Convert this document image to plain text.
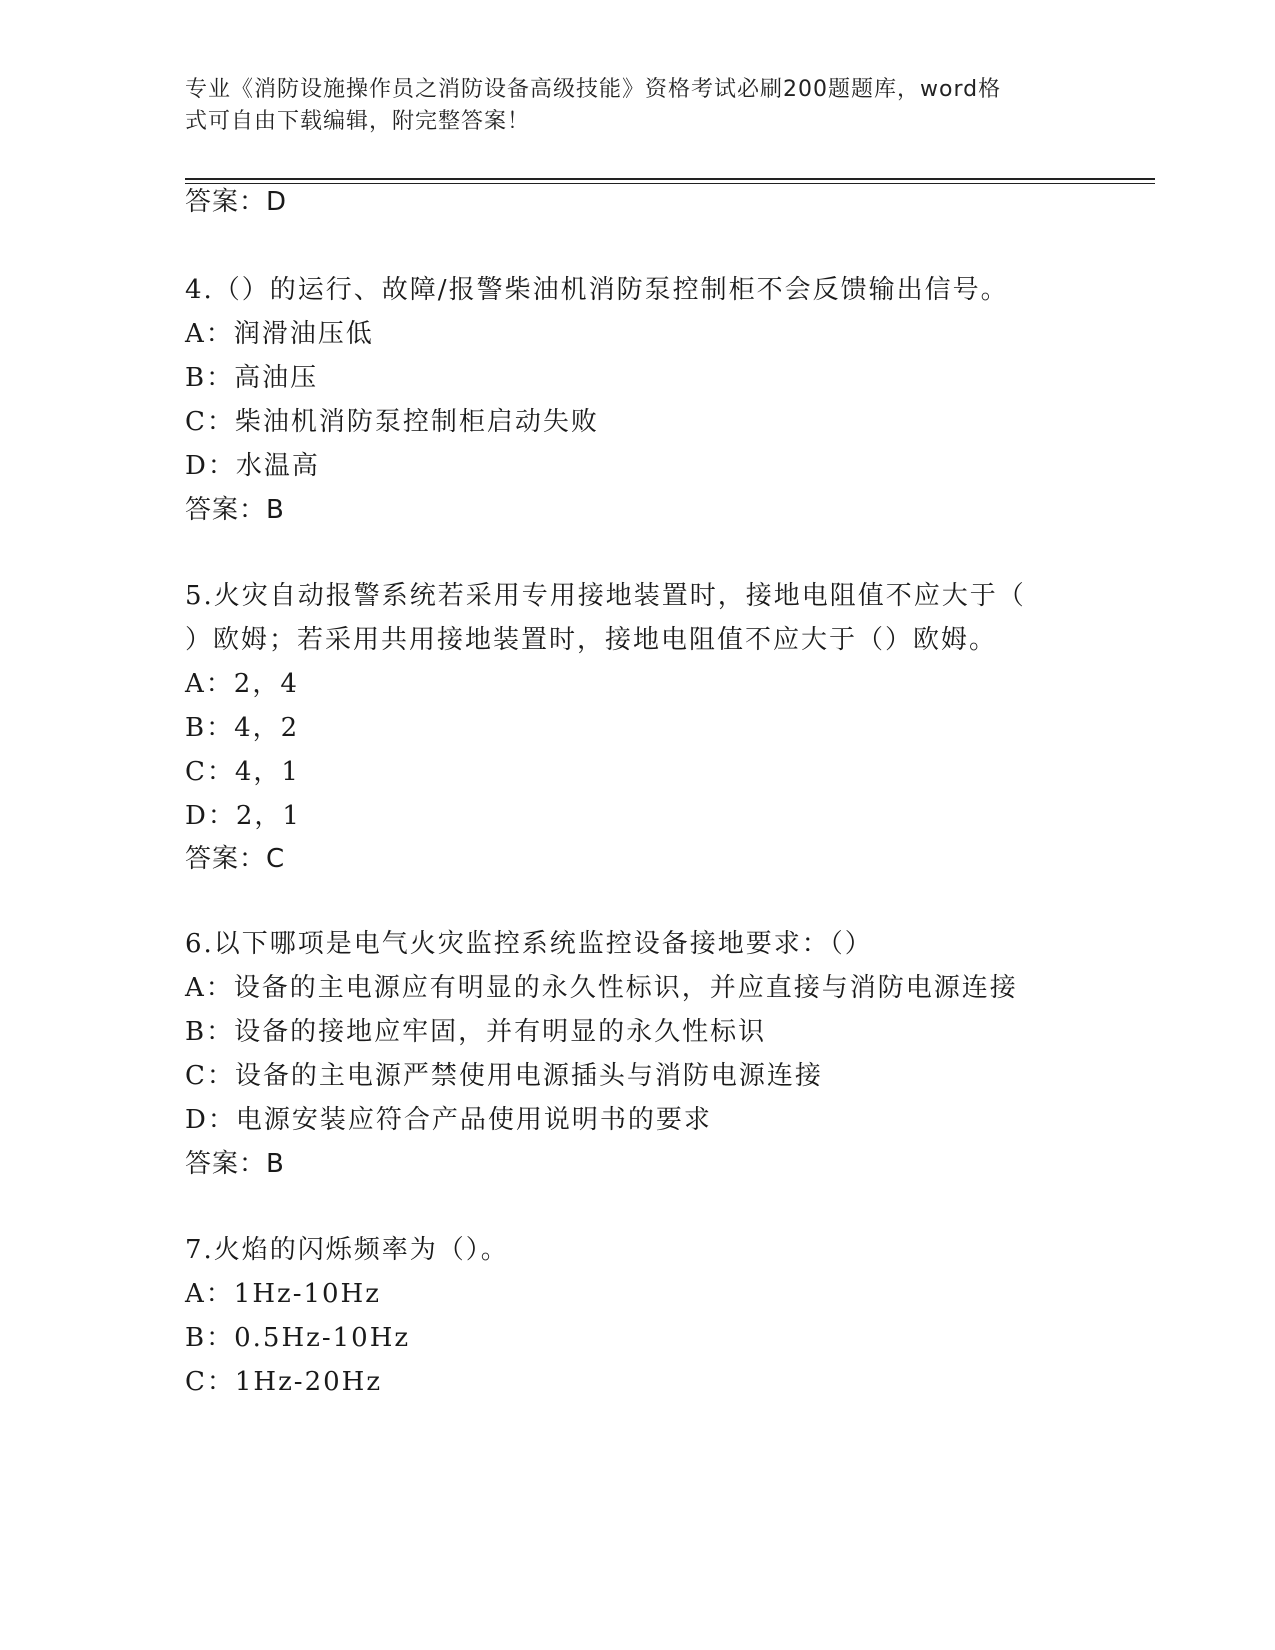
专业《消防设施操作员之消防设备高级技能》资格考试必刷200题题库，word格
式可自由下载编辑，附完整答案！
答案：D
4.（）的运行、故障/报警柴油机消防泵控制柜不会反馈输出信号。
A：润滑油压低
B：高油压
C：柴油机消防泵控制柜启动失败
D：水温高
答案：B
5.火灾自动报警系统若采用专用接地装置时，接地电阻值不应大于（
）欧姆；若采用共用接地装置时，接地电阻值不应大于（）欧姆。
A：2，4
B：4，2
C：4，1
D：2，1
答案：C
6.以下哪项是电气火灾监控系统监控设备接地要求：（）
A：设备的主电源应有明显的永久性标识，并应直接与消防电源连接
B：设备的接地应牢固，并有明显的永久性标识
C：设备的主电源严禁使用电源插头与消防电源连接
D：电源安装应符合产品使用说明书的要求
答案：B
7.火焰的闪烁频率为（）。
A：1Hz-10Hz
B：0.5Hz-10Hz
C：1Hz-20Hz
